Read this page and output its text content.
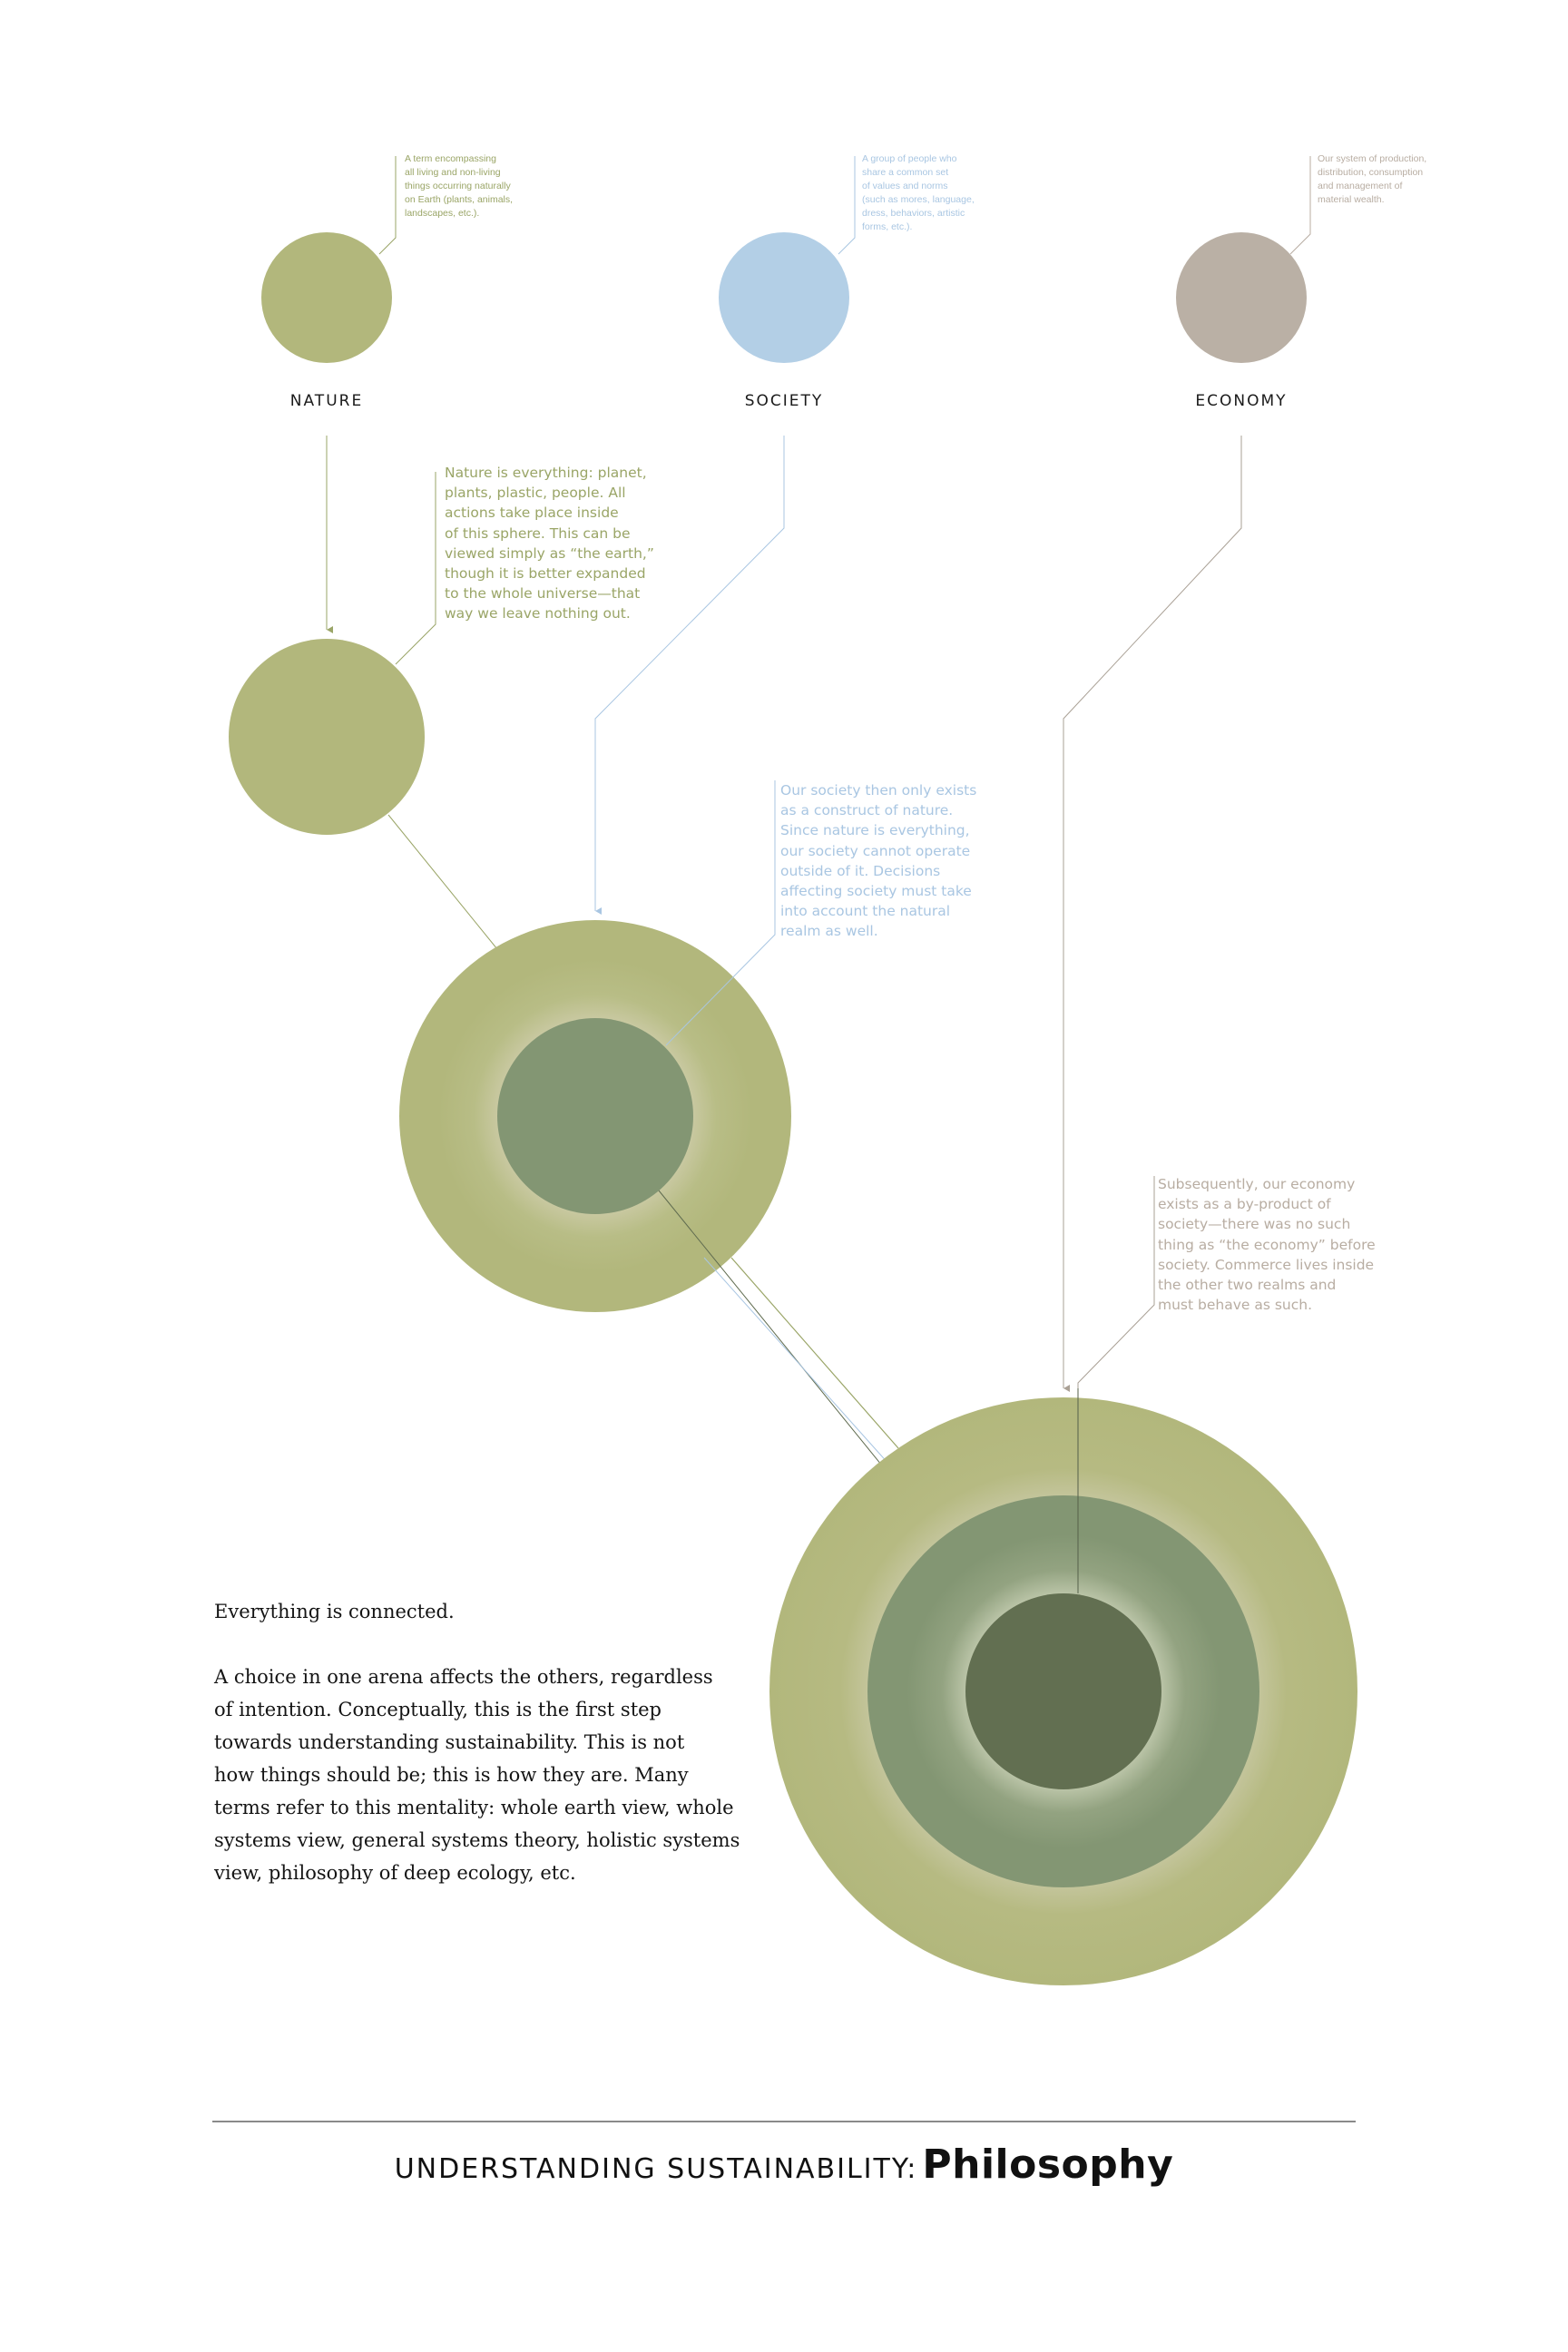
A term encompassing
all living and non-living
things occurring naturally
on Earth (plants, animals,
landscapes, etc.).
A group of people who
share a common set
of values and norms
(such as mores, language,
dress, behaviors, artistic
forms, etc.).
Our system of production,
distribution, consumption
and management of
material wealth.
NATURE	SOCIETY	ECONOMY
Nature is everything: planet,
plants, plastic, people. All
actions take place inside
of this sphere. This can be
viewed simply as “the earth,”
though it is better expanded
to the whole universe—that
way we leave nothing out.
Our society then only exists
as a construct of nature.
Since nature is everything,
our society cannot operate
outside of it. Decisions
affecting society must take
into account the natural
realm as well.
Subsequently, our economy
exists as a by-product of
society—there was no such
thing as “the economy” before
society. Commerce lives inside
the other two realms and
must behave as such.

Everything is connected.

A choice in one arena affects the others, regardless
of intention. Conceptually, this is the first step
towards understanding sustainability. This is not
how things should be; this is how they are. Many
terms refer to this mentality: whole earth view, whole
systems view, general systems theory, holistic systems
view, philosophy of deep ecology, etc.

UNDERSTANDING SUSTAINABILITY: Philosophy
